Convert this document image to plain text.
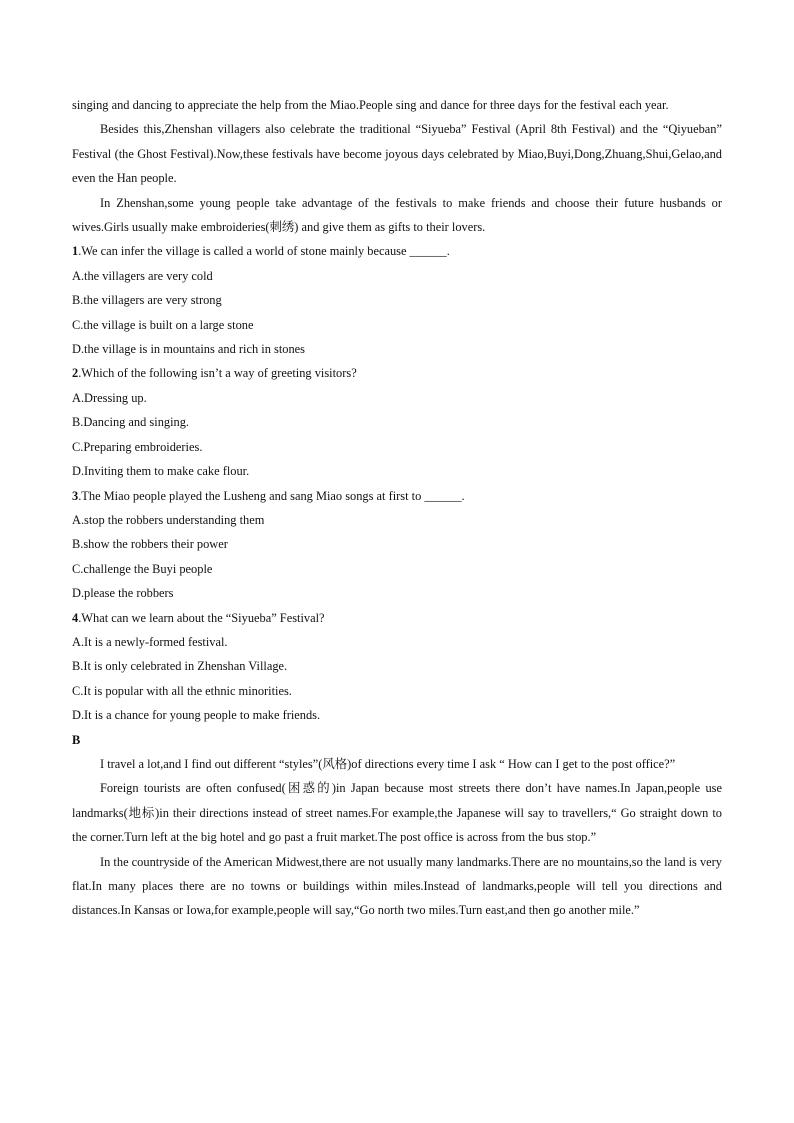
singing and dancing to appreciate the help from the Miao.People sing and dance for three days for the festival each year.

Besides this,Zhenshan villagers also celebrate the traditional “Siyueba” Festival (April 8th Festival) and the “Qiyueban” Festival (the Ghost Festival).Now,these festivals have become joyous days celebrated by Miao,Buyi,Dong,Zhuang,Shui,Gelao,and even the Han people.

In Zhenshan,some young people take advantage of the festivals to make friends and choose their future husbands or wives.Girls usually make embroideries(刺绣) and give them as gifts to their lovers.

1.We can infer the village is called a world of stone mainly because ______.

A.the villagers are very cold

B.the villagers are very strong

C.the village is built on a large stone

D.the village is in mountains and rich in stones

2.Which of the following isn’t a way of greeting visitors?

A.Dressing up.

B.Dancing and singing.

C.Preparing embroideries.

D.Inviting them to make cake flour.

3.The Miao people played the Lusheng and sang Miao songs at first to ______.

A.stop the robbers understanding them

B.show the robbers their power

C.challenge the Buyi people

D.please the robbers

4.What can we learn about the “Siyueba” Festival?

A.It is a newly-formed festival.

B.It is only celebrated in Zhenshan Village.

C.It is popular with all the ethnic minorities.

D.It is a chance for young people to make friends.

B

I travel a lot,and I find out different “styles”(风格)of directions every time I ask “ How can I get to the post office?”

Foreign tourists are often confused(困惑的)in Japan because most streets there don’t have names.In Japan,people use landmarks(地标)in their directions instead of street names.For example,the Japanese will say to travellers,“ Go straight down to the corner.Turn left at the big hotel and go past a fruit market.The post office is across from the bus stop.”

In the countryside of the American Midwest,there are not usually many landmarks.There are no mountains,so the land is very flat.In many places there are no towns or buildings within miles.Instead of landmarks,people will tell you directions and distances.In Kansas or Iowa,for example,people will say,“Go north two miles.Turn east,and then go another mile.”
